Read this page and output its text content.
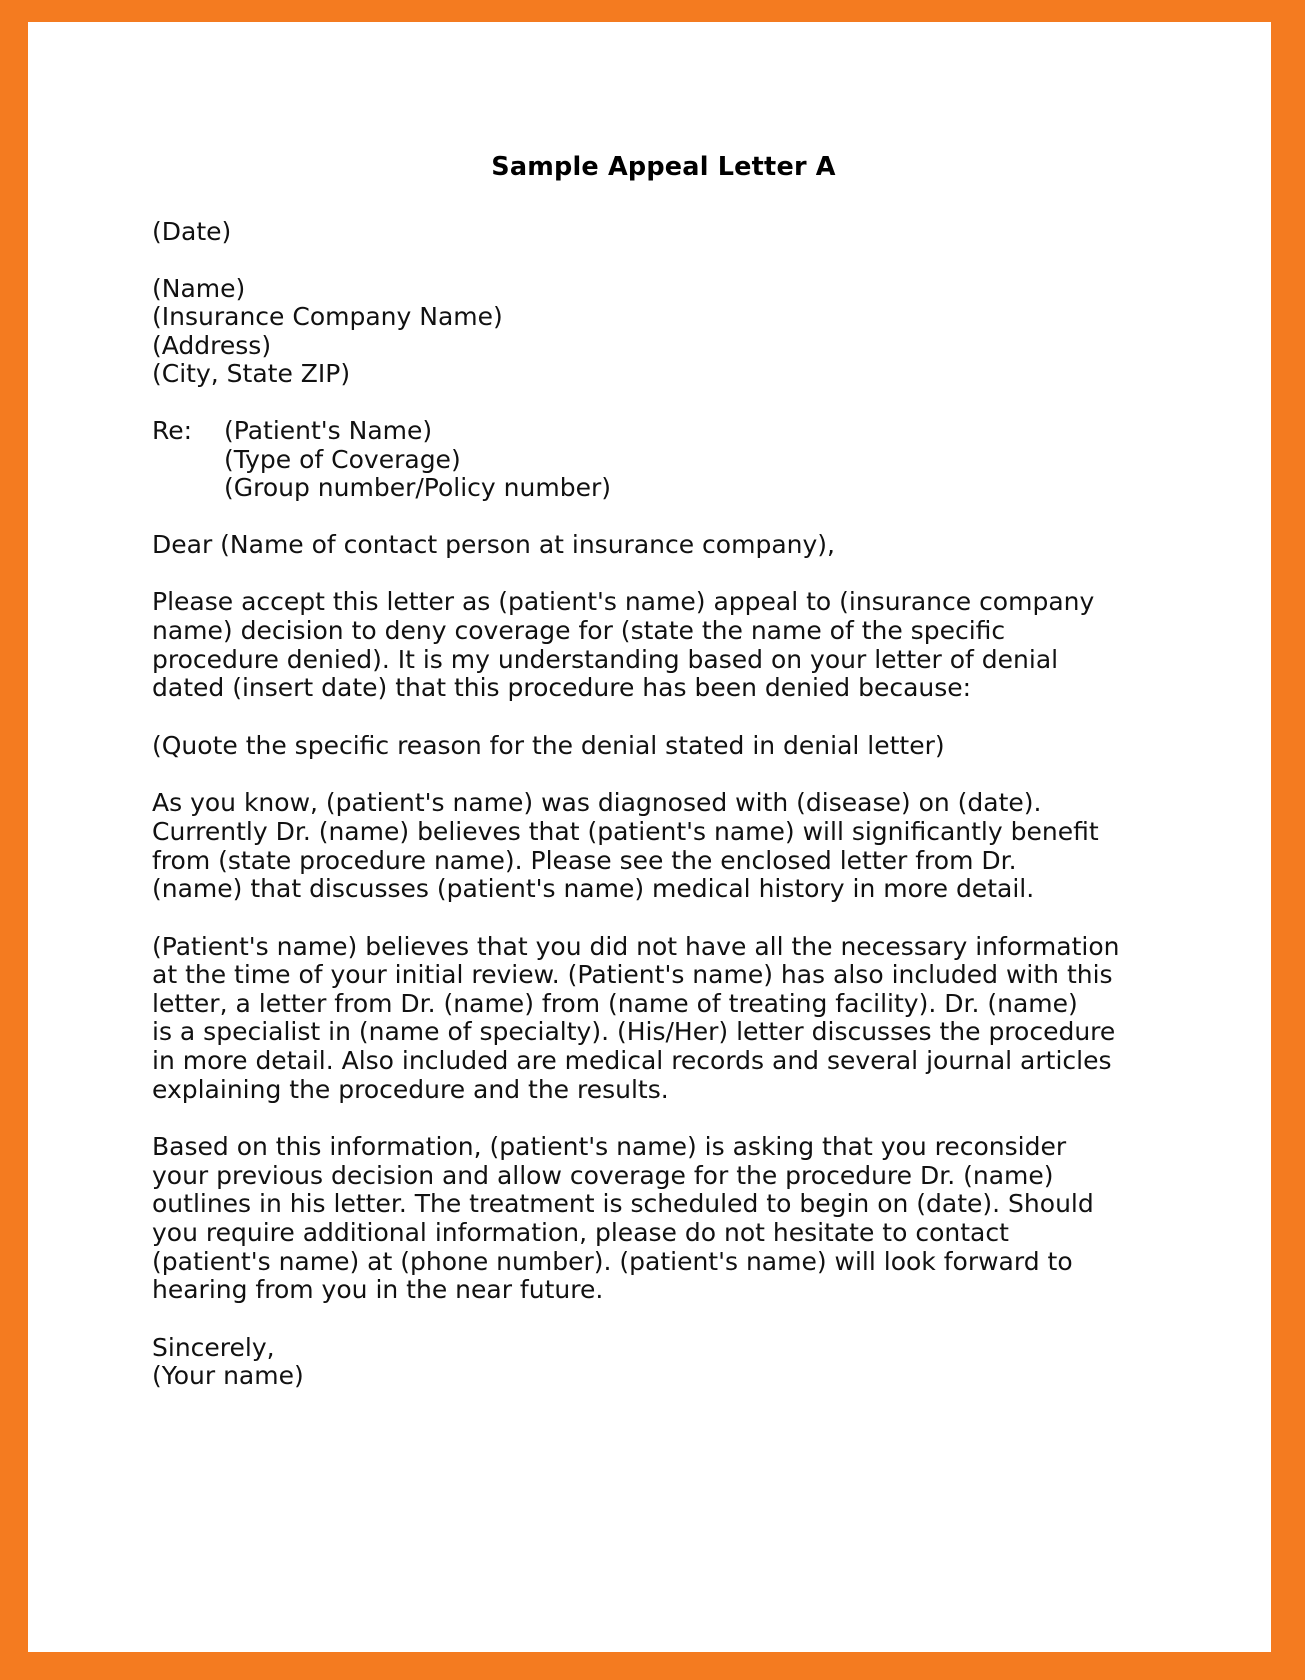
Sample Appeal Letter A
(Date)
(Name)
(Insurance Company Name)
(Address)
(City, State ZIP)
Re:	(Patient's Name)
(Type of Coverage)
(Group number/Policy number)
Dear (Name of contact person at insurance company),
Please accept this letter as (patient's name) appeal to (insurance company
name) decision to deny coverage for (state the name of the specific
procedure denied). It is my understanding based on your letter of denial
dated (insert date) that this procedure has been denied because:
(Quote the specific reason for the denial stated in denial letter)
As you know, (patient's name) was diagnosed with (disease) on (date).
Currently Dr. (name) believes that (patient's name) will significantly benefit
from (state procedure name). Please see the enclosed letter from Dr.
(name) that discusses (patient's name) medical history in more detail.
(Patient's name) believes that you did not have all the necessary information
at the time of your initial review. (Patient's name) has also included with this
letter, a letter from Dr. (name) from (name of treating facility). Dr. (name)
is a specialist in (name of specialty). (His/Her) letter discusses the procedure
in more detail. Also included are medical records and several journal articles
explaining the procedure and the results.
Based on this information, (patient's name) is asking that you reconsider
your previous decision and allow coverage for the procedure Dr. (name)
outlines in his letter. The treatment is scheduled to begin on (date). Should
you require additional information, please do not hesitate to contact
(patient's name) at (phone number). (patient's name) will look forward to
hearing from you in the near future.
Sincerely,
(Your name)
